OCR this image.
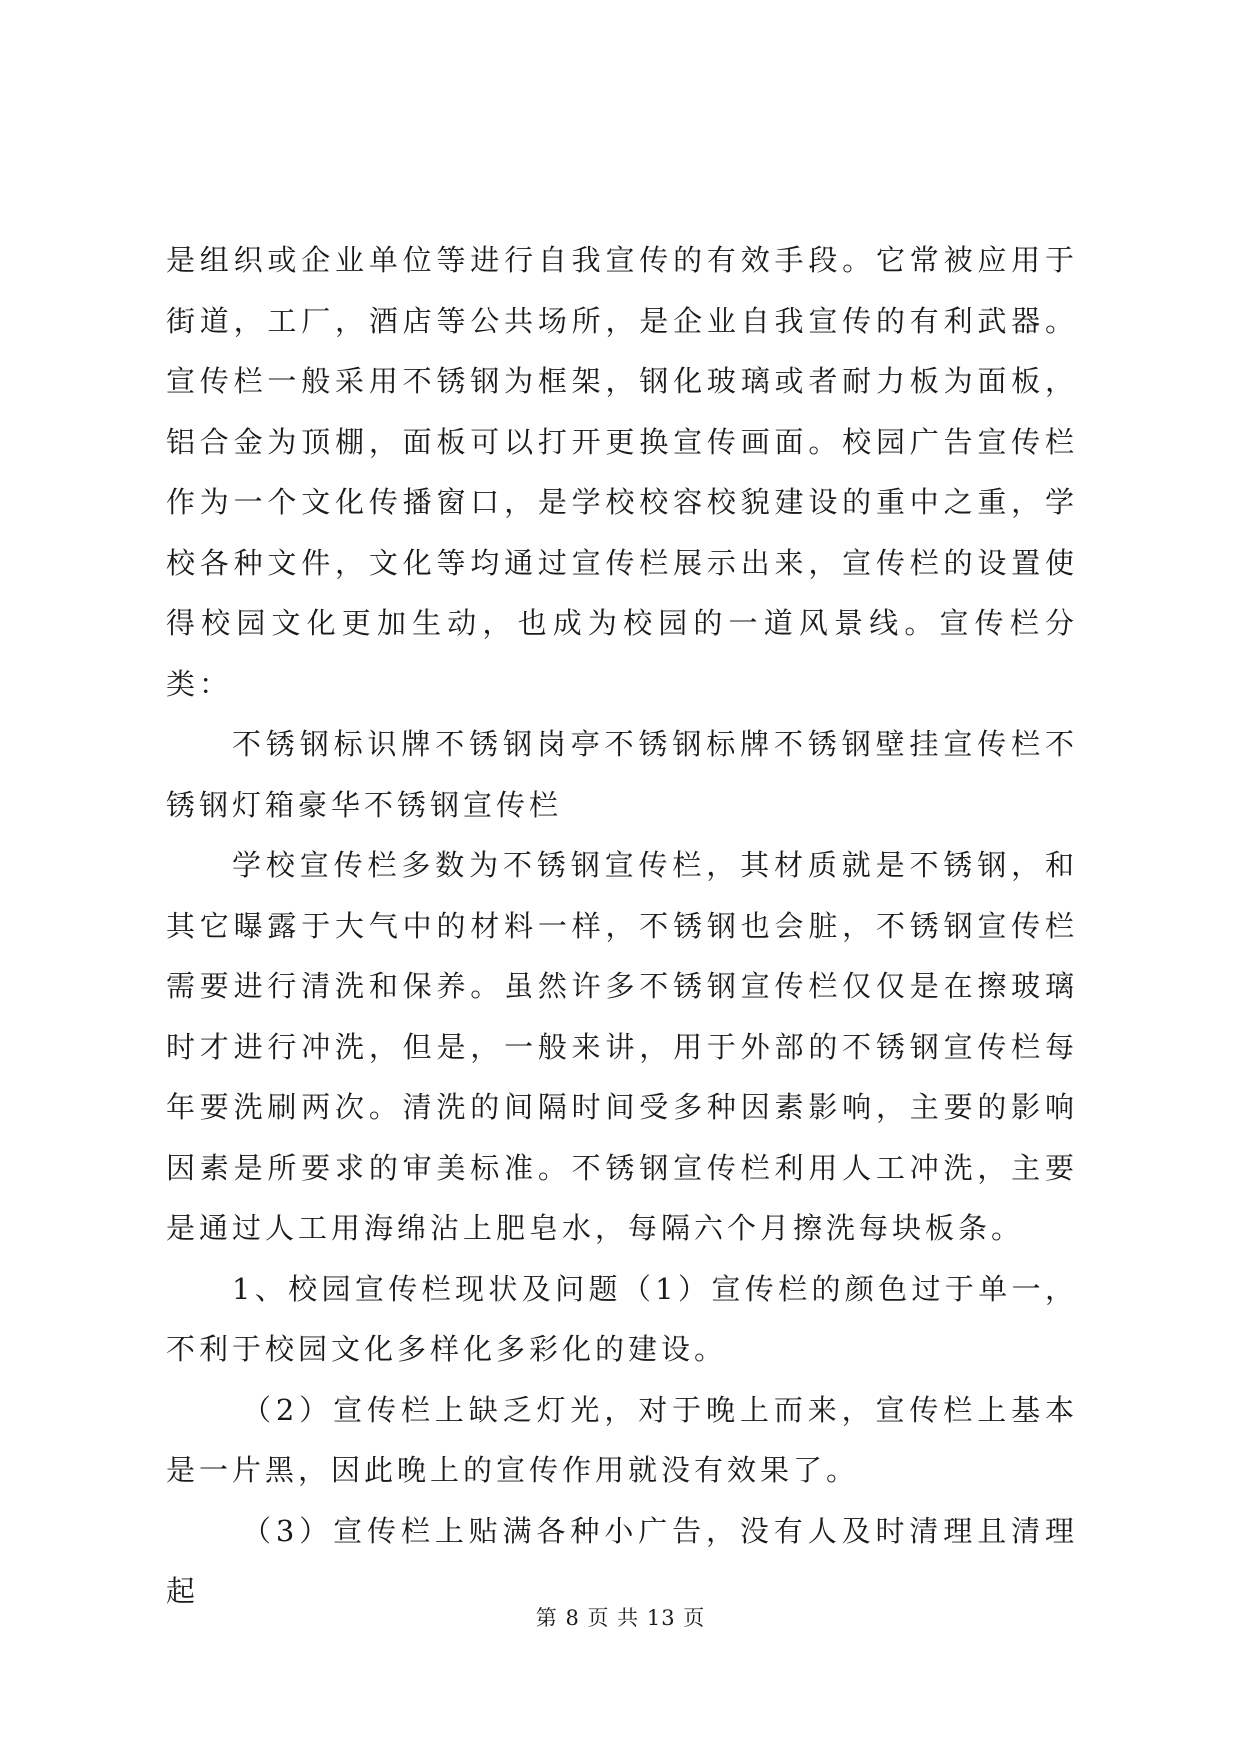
是组织或企业单位等进行自我宣传的有效手段。它常被应用于街道，工厂，酒店等公共场所，是企业自我宣传的有利武器。宣传栏一般采用不锈钢为框架，钢化玻璃或者耐力板为面板，铝合金为顶棚，面板可以打开更换宣传画面。校园广告宣传栏作为一个文化传播窗口，是学校校容校貌建设的重中之重，学校各种文件，文化等均通过宣传栏展示出来，宣传栏的设置使得校园文化更加生动，也成为校园的一道风景线。宣传栏分类：

不锈钢标识牌不锈钢岗亭不锈钢标牌不锈钢壁挂宣传栏不锈钢灯箱豪华不锈钢宣传栏

学校宣传栏多数为不锈钢宣传栏，其材质就是不锈钢，和其它曝露于大气中的材料一样，不锈钢也会脏，不锈钢宣传栏需要进行清洗和保养。虽然许多不锈钢宣传栏仅仅是在擦玻璃时才进行冲洗，但是，一般来讲，用于外部的不锈钢宣传栏每年要洗刷两次。清洗的间隔时间受多种因素影响，主要的影响因素是所要求的审美标准。不锈钢宣传栏利用人工冲洗，主要是通过人工用海绵沾上肥皂水，每隔六个月擦洗每块板条。

1、校园宣传栏现状及问题（1）宣传栏的颜色过于单一，不利于校园文化多样化多彩化的建设。

（2）宣传栏上缺乏灯光，对于晚上而来，宣传栏上基本是一片黑，因此晚上的宣传作用就没有效果了。

（3）宣传栏上贴满各种小广告，没有人及时清理且清理起

第 8 页 共 13 页
